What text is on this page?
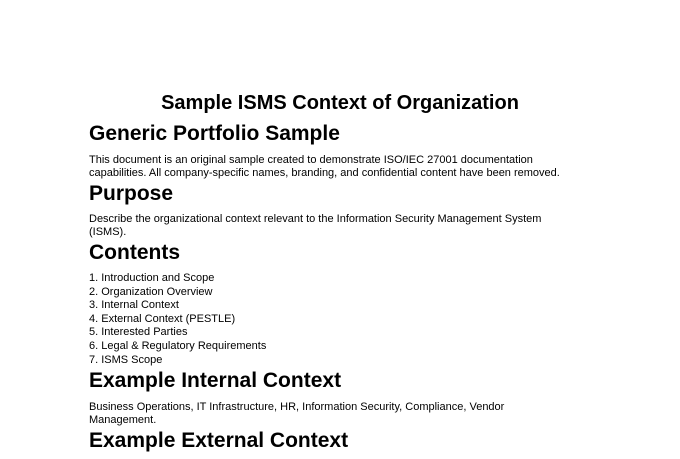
Sample ISMS Context of Organization
Generic Portfolio Sample

This document is an original sample created to demonstrate ISO/IEC 27001 documentation
capabilities. All company-specific names, branding, and confidential content have been removed.

Purpose

Describe the organizational context relevant to the Information Security Management System
(ISMS).

Contents
1. Introduction and Scope
2. Organization Overview
3. Internal Context
4. External Context (PESTLE)
5. Interested Parties
6. Legal & Regulatory Requirements
7. ISMS Scope
Example Internal Context

Business Operations, IT Infrastructure, HR, Information Security, Compliance, Vendor
Management.

Example External Context
